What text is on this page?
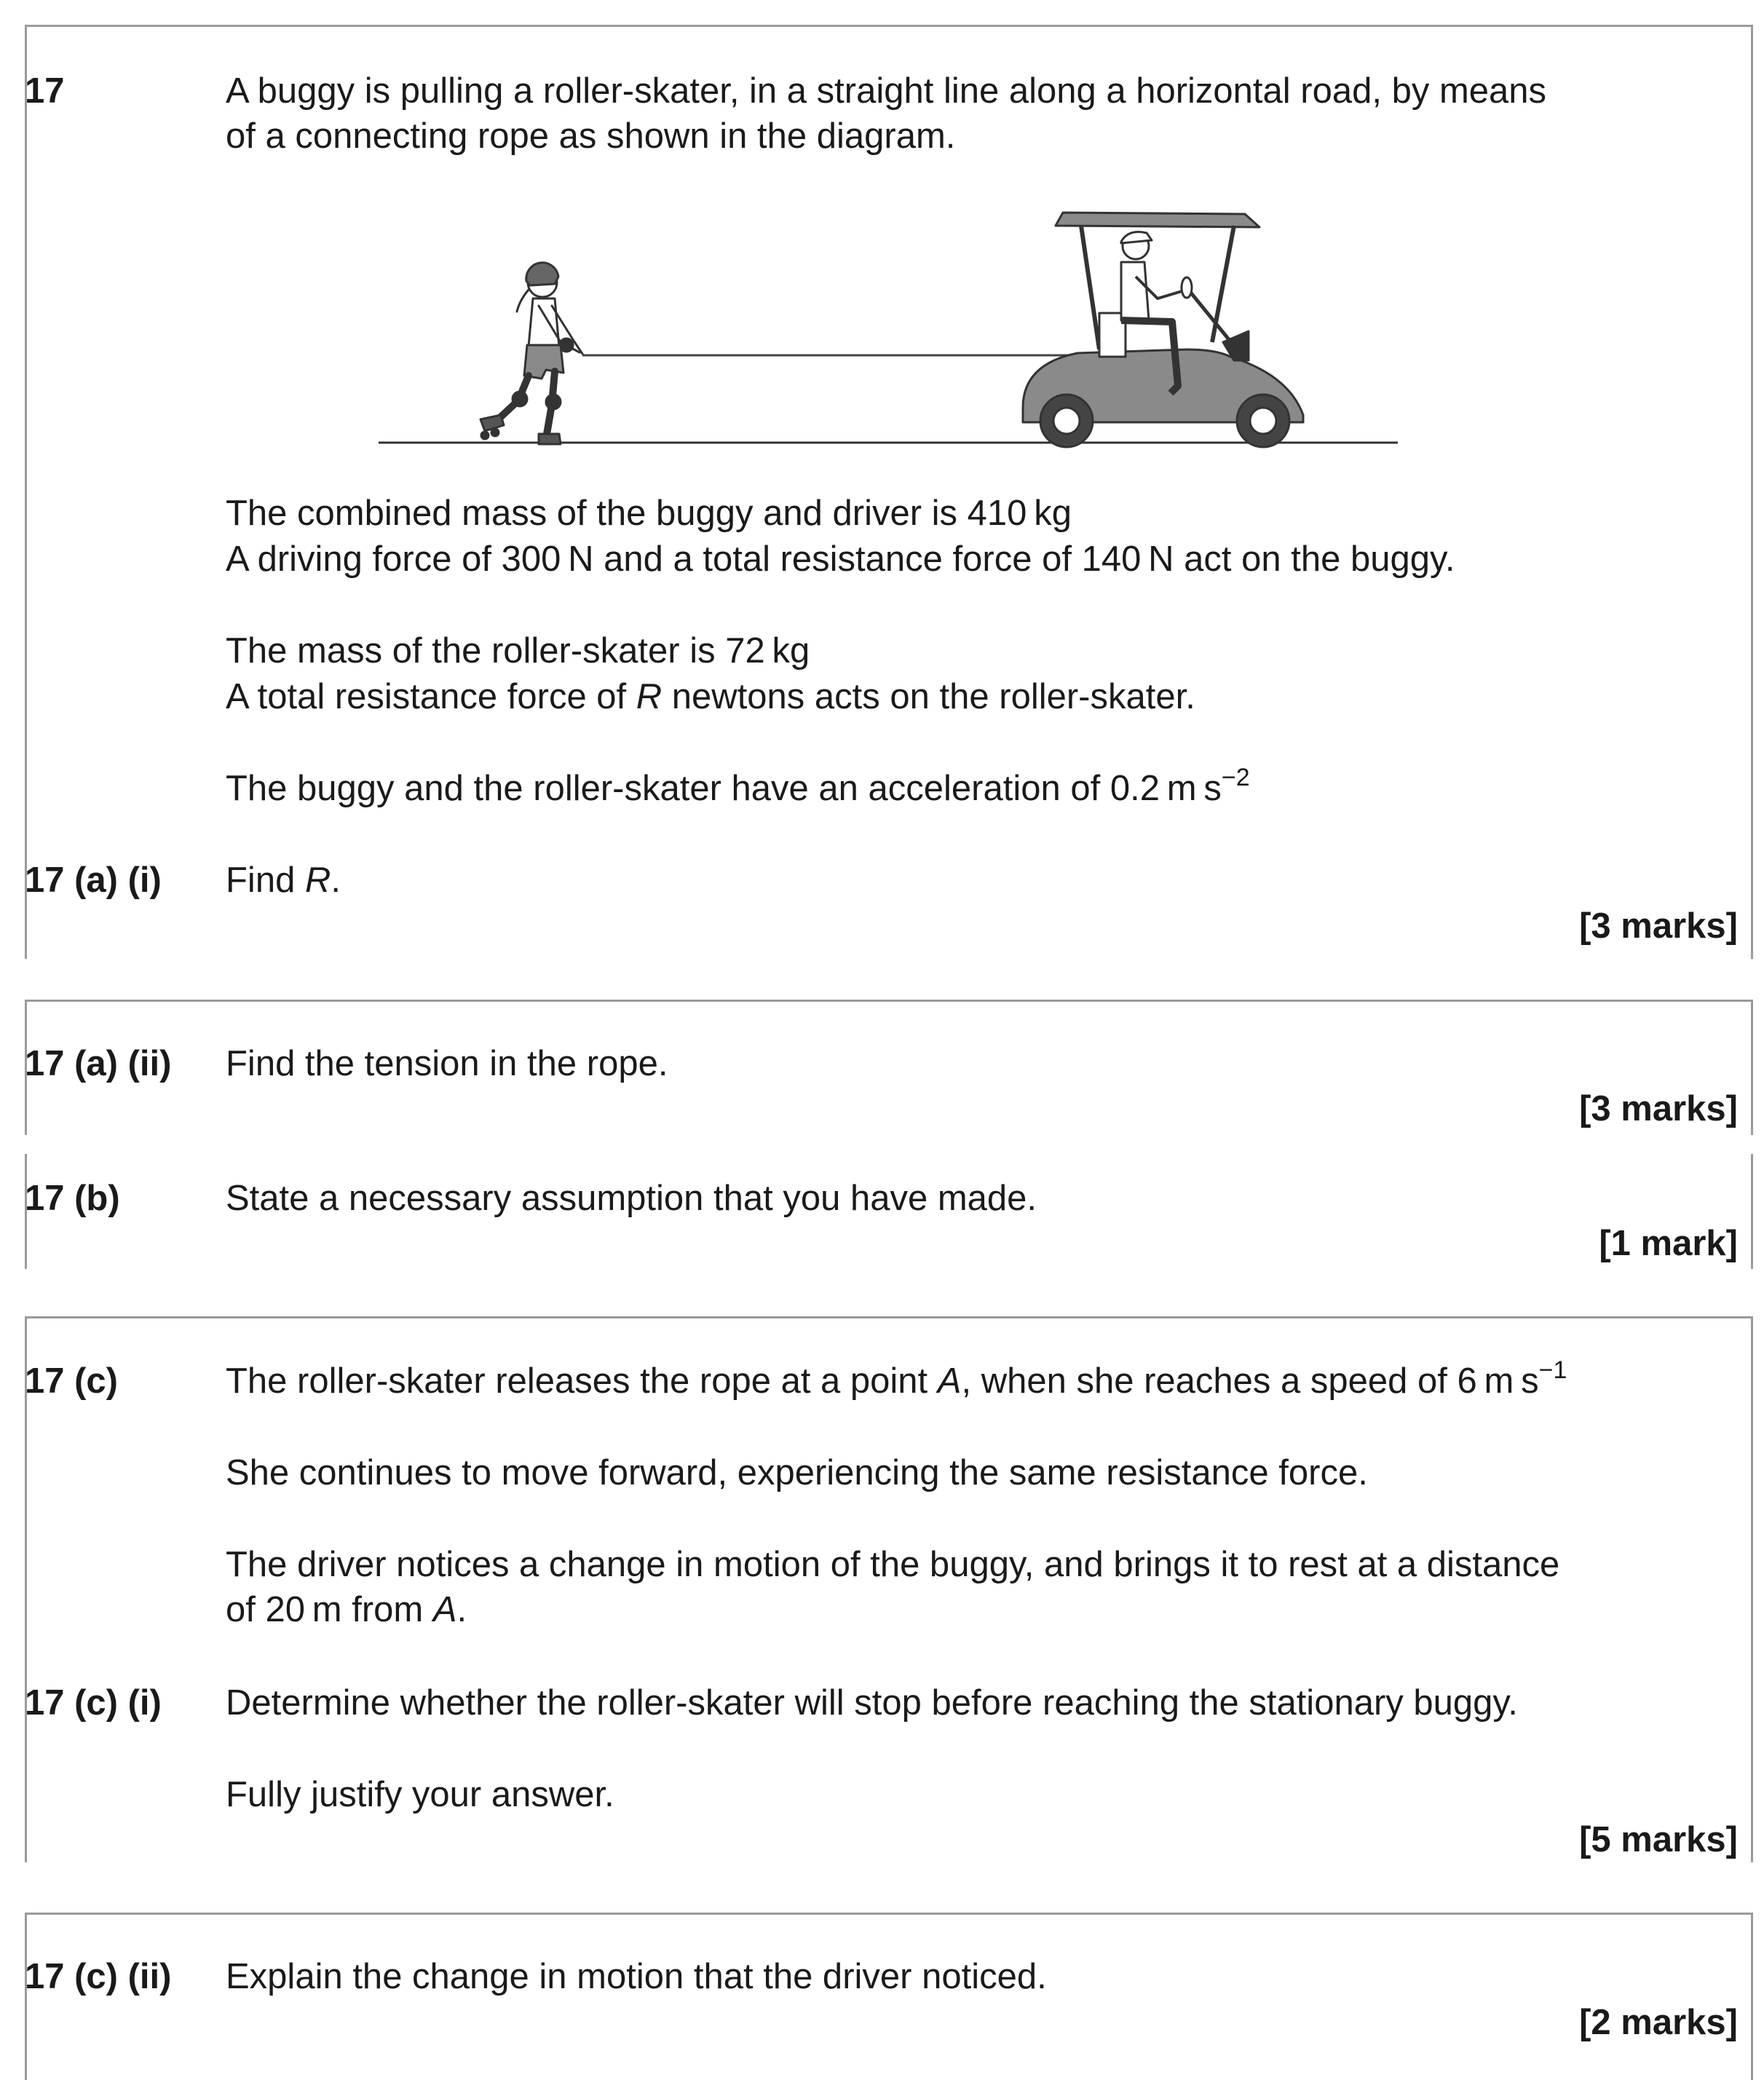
17	A buggy is pulling a roller-skater, in a straight line along a horizontal road, by means
of a connecting rope as shown in the diagram.
The combined mass of the buggy and driver is 410 kg
A driving force of 300 N and a total resistance force of 140 N act on the buggy.
The mass of the roller-skater is 72 kg
A total resistance force of R newtons acts on the roller-skater.
The buggy and the roller-skater have an acceleration of 0.2 m $s^{-2}$
17 (a) (i) Find R.
[3 marks]
17 (a) (ii) Find the tension in the rope.
[3 marks]
17 (b)	State a necessary assumption that you have made.
[1 mark]
17 (c)	The roller-skater releases the rope at a point A, when she reaches a speed of 6 m $s^{-1}$
She continues to move forward, experiencing the same resistance force.
The driver notices a change in motion of the buggy, and brings it to rest at a distance
of 20 m from A.
17 (c) (i) Determine whether the roller-skater will stop before reaching the stationary buggy.
Fully justify your answer.
[5 marks]
17 (c) (ii) Explain the change in motion that the driver noticed.
[2 marks]
